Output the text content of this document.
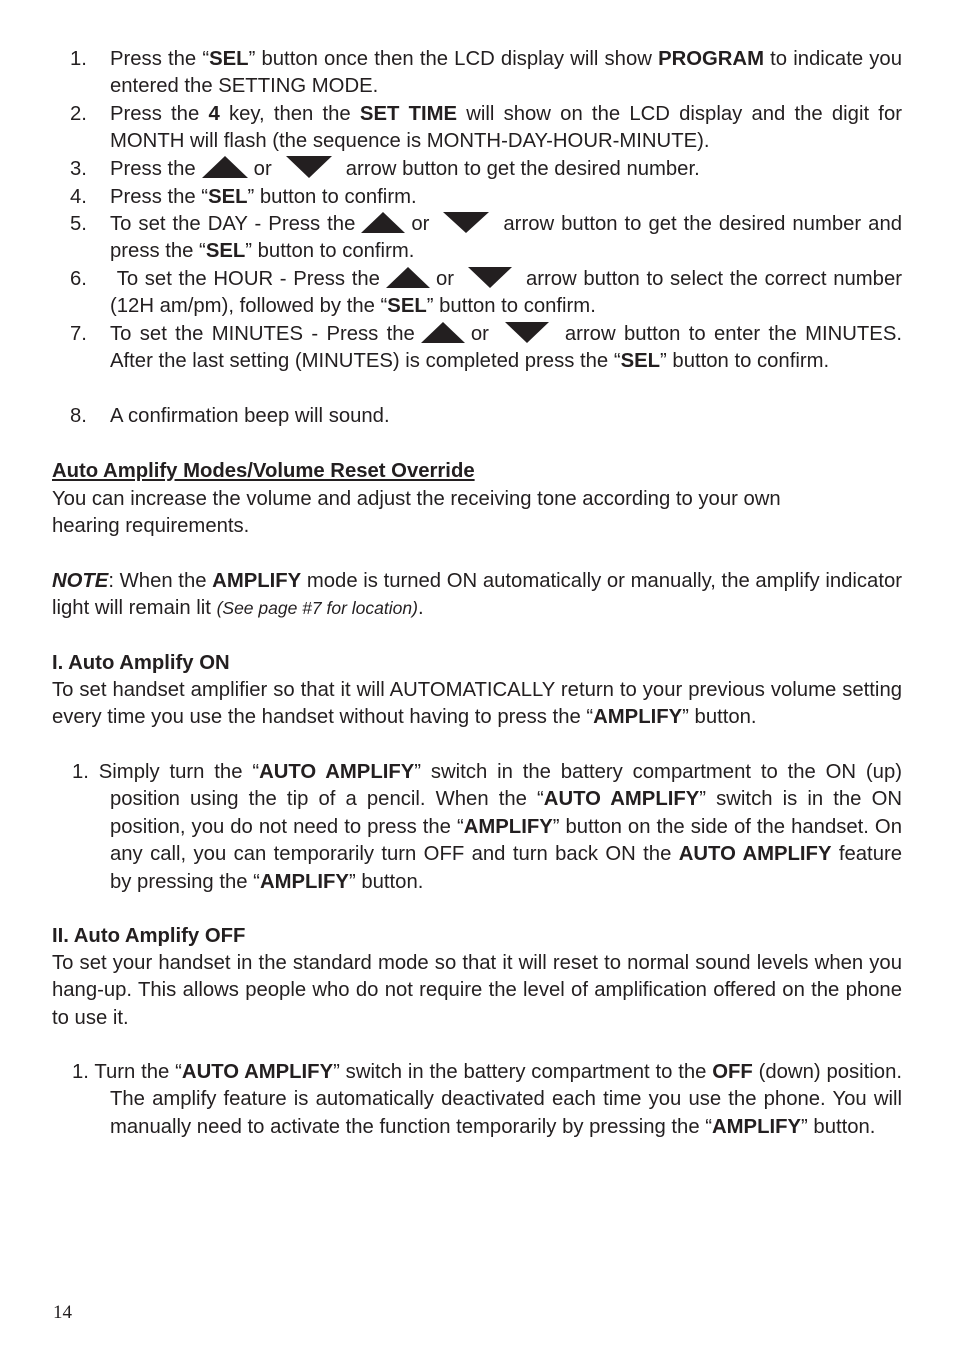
1. Press the “SEL” button once then the LCD display will show PROGRAM to indicate you entered the SETTING MODE.
2. Press the 4 key, then the SET TIME will show on the LCD display and the digit for MONTH will flash (the sequence is MONTH-DAY-HOUR-MINUTE).
3. Press the	or	arrow button to get the desired number.
4. Press the “SEL” button to confirm.
5. To set the DAY - Press the	or	arrow button to get the desired number and press the “SEL” button to confirm.
6. To set the HOUR - Press the	or	arrow button to select the correct number (12H am/pm), followed by the “SEL” button to confirm.
7. To set the MINUTES - Press the	or	arrow button to enter the MINUTES. After the last setting (MINUTES) is completed press the “SEL” button to confirm.
8. A confirmation beep will sound.
Auto Amplify Modes/Volume Reset Override
You can increase the volume and adjust the receiving tone according to your own hearing requirements.
NOTE: When the AMPLIFY mode is turned ON automatically or manually, the amplify indicator light will remain lit (See page #7 for location).
I. Auto Amplify ON
To set handset amplifier so that it will AUTOMATICALLY return to your previous volume setting every time you use the handset without having to press the “AMPLIFY” button.
1. Simply turn the “AUTO AMPLIFY” switch in the battery compartment to the ON (up) position using the tip of a pencil. When the “AUTO AMPLIFY” switch is in the ON position, you do not need to press the “AMPLIFY” button on the side of the handset. On any call, you can temporarily turn OFF and turn back ON the AUTO AMPLIFY feature by pressing the “AMPLIFY” button.
II. Auto Amplify OFF
To set your handset in the standard mode so that it will reset to normal sound levels when you hang-up. This allows people who do not require the level of amplification offered on the phone to use it.
1. Turn the “AUTO AMPLIFY” switch in the battery compartment to the OFF (down) position. The amplify feature is automatically deactivated each time you use the phone. You will manually need to activate the function temporarily by pressing the “AMPLIFY” button.
14
